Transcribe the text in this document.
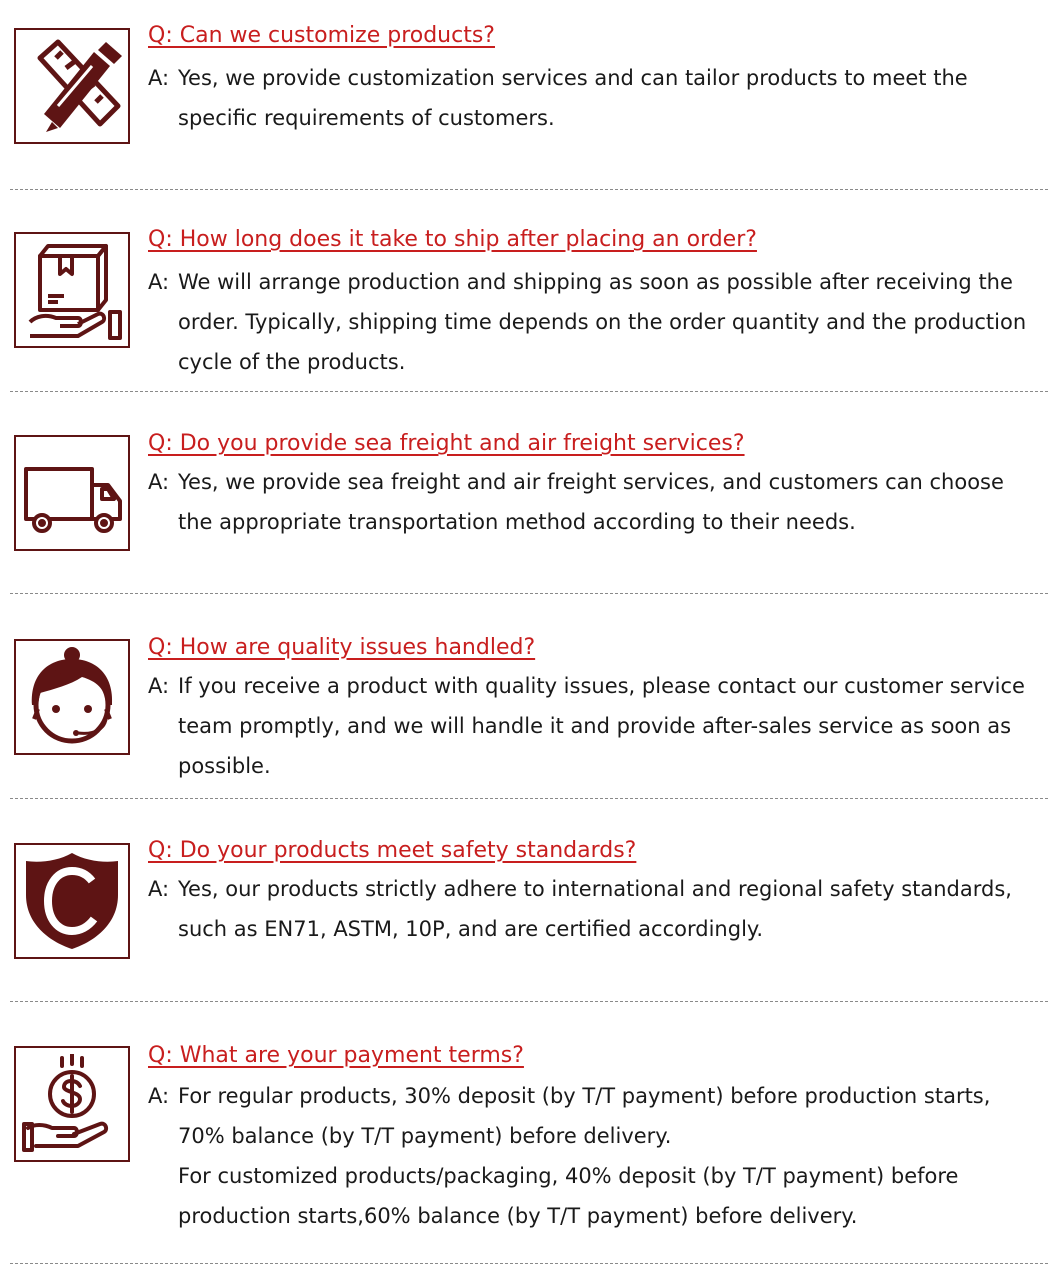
Q: Can we customize products?
A: Yes, we provide customization services and can tailor products to meet the
specific requirements of customers.
Q: How long does it take to ship after placing an order?
A: We will arrange production and shipping as soon as possible after receiving the
order. Typically, shipping time depends on the order quantity and the production
cycle of the products.
Q: Do you provide sea freight and air freight services?
A: Yes, we provide sea freight and air freight services, and customers can choose
the appropriate transportation method according to their needs.
Q: How are quality issues handled?
A: If you receive a product with quality issues, please contact our customer service
team promptly, and we will handle it and provide after-sales service as soon as
possible.
Q: Do your products meet safety standards?
A: Yes, our products strictly adhere to international and regional safety standards,
such as EN71, ASTM, 10P, and are certified accordingly.
Q: What are your payment terms?
A: For regular products, 30% deposit (by T/T payment) before production starts,
70% balance (by T/T payment) before delivery.
For customized products/packaging, 40% deposit (by T/T payment) before
production starts,60% balance (by T/T payment) before delivery.
